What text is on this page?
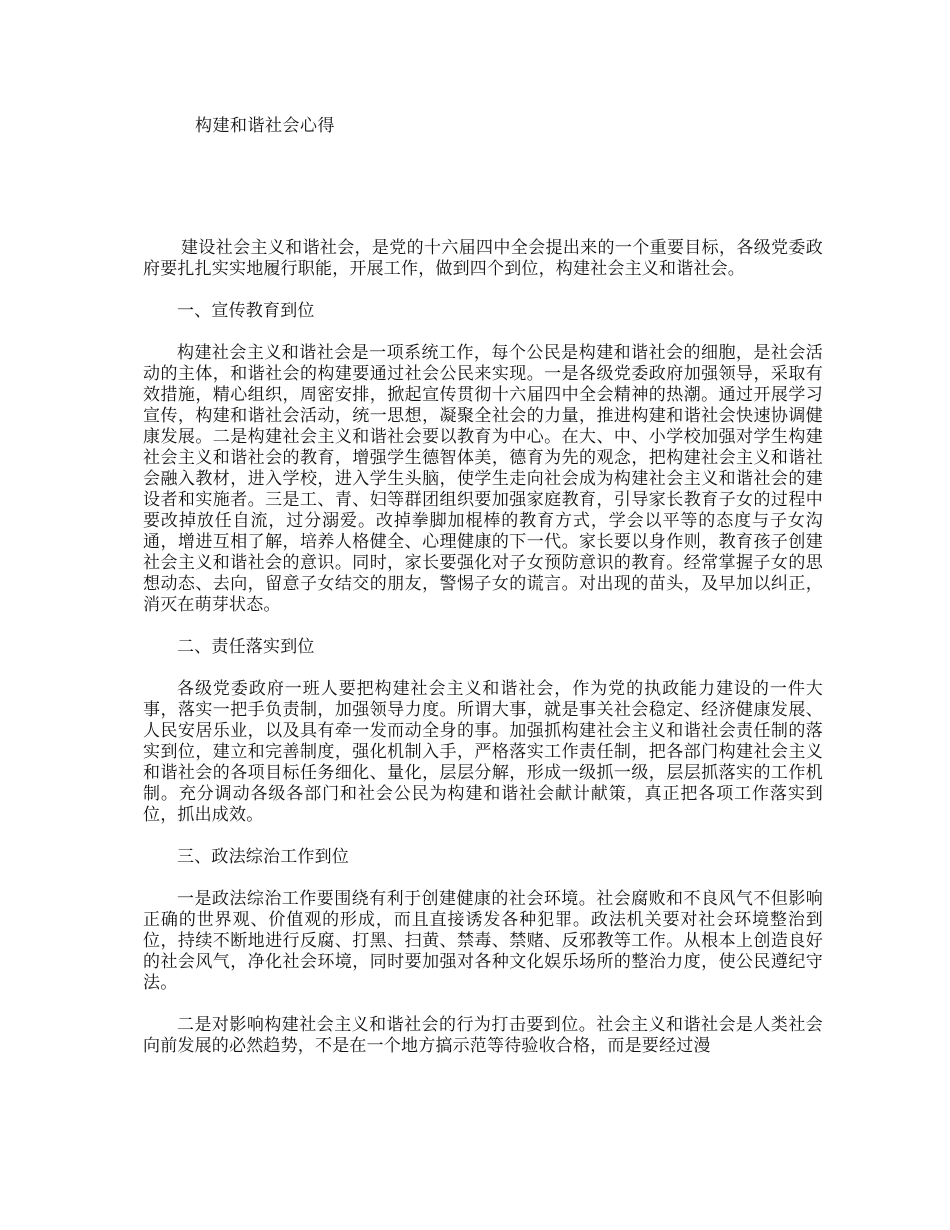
构建和谐社会心得

建设社会主义和谐社会，是党的十六届四中全会提出来的一个重要目标，各级党委政府要扎扎实实地履行职能，开展工作，做到四个到位，构建社会主义和谐社会。

一、宣传教育到位

构建社会主义和谐社会是一项系统工作，每个公民是构建和谐社会的细胞，是社会活动的主体，和谐社会的构建要通过社会公民来实现。一是各级党委政府加强领导，采取有效措施，精心组织，周密安排，掀起宣传贯彻十六届四中全会精神的热潮。通过开展学习宣传，构建和谐社会活动，统一思想，凝聚全社会的力量，推进构建和谐社会快速协调健康发展。二是构建社会主义和谐社会要以教育为中心。在大、中、小学校加强对学生构建社会主义和谐社会的教育，增强学生德智体美，德育为先的观念，把构建社会主义和谐社会融入教材，进入学校，进入学生头脑，使学生走向社会成为构建社会主义和谐社会的建设者和实施者。三是工、青、妇等群团组织要加强家庭教育，引导家长教育子女的过程中要改掉放任自流，过分溺爱。改掉拳脚加棍棒的教育方式，学会以平等的态度与子女沟通，增进互相了解，培养人格健全、心理健康的下一代。家长要以身作则，教育孩子创建社会主义和谐社会的意识。同时，家长要强化对子女预防意识的教育。经常掌握子女的思想动态、去向，留意子女结交的朋友，警惕子女的谎言。对出现的苗头，及早加以纠正，消灭在萌芽状态。

二、责任落实到位

各级党委政府一班人要把构建社会主义和谐社会，作为党的执政能力建设的一件大事，落实一把手负责制，加强领导力度。所谓大事，就是事关社会稳定、经济健康发展、人民安居乐业，以及具有牵一发而动全身的事。加强抓构建社会主义和谐社会责任制的落实到位，建立和完善制度，强化机制入手，严格落实工作责任制，把各部门构建社会主义和谐社会的各项目标任务细化、量化，层层分解，形成一级抓一级，层层抓落实的工作机制。充分调动各级各部门和社会公民为构建和谐社会献计献策，真正把各项工作落实到位，抓出成效。

三、政法综治工作到位

一是政法综治工作要围绕有利于创建健康的社会环境。社会腐败和不良风气不但影响正确的世界观、价值观的形成，而且直接诱发各种犯罪。政法机关要对社会环境整治到位，持续不断地进行反腐、打黑、扫黄、禁毒、禁赌、反邪教等工作。从根本上创造良好的社会风气，净化社会环境，同时要加强对各种文化娱乐场所的整治力度，使公民遵纪守法。

二是对影响构建社会主义和谐社会的行为打击要到位。社会主义和谐社会是人类社会向前发展的必然趋势，不是在一个地方搞示范等待验收合格，而是要经过漫
